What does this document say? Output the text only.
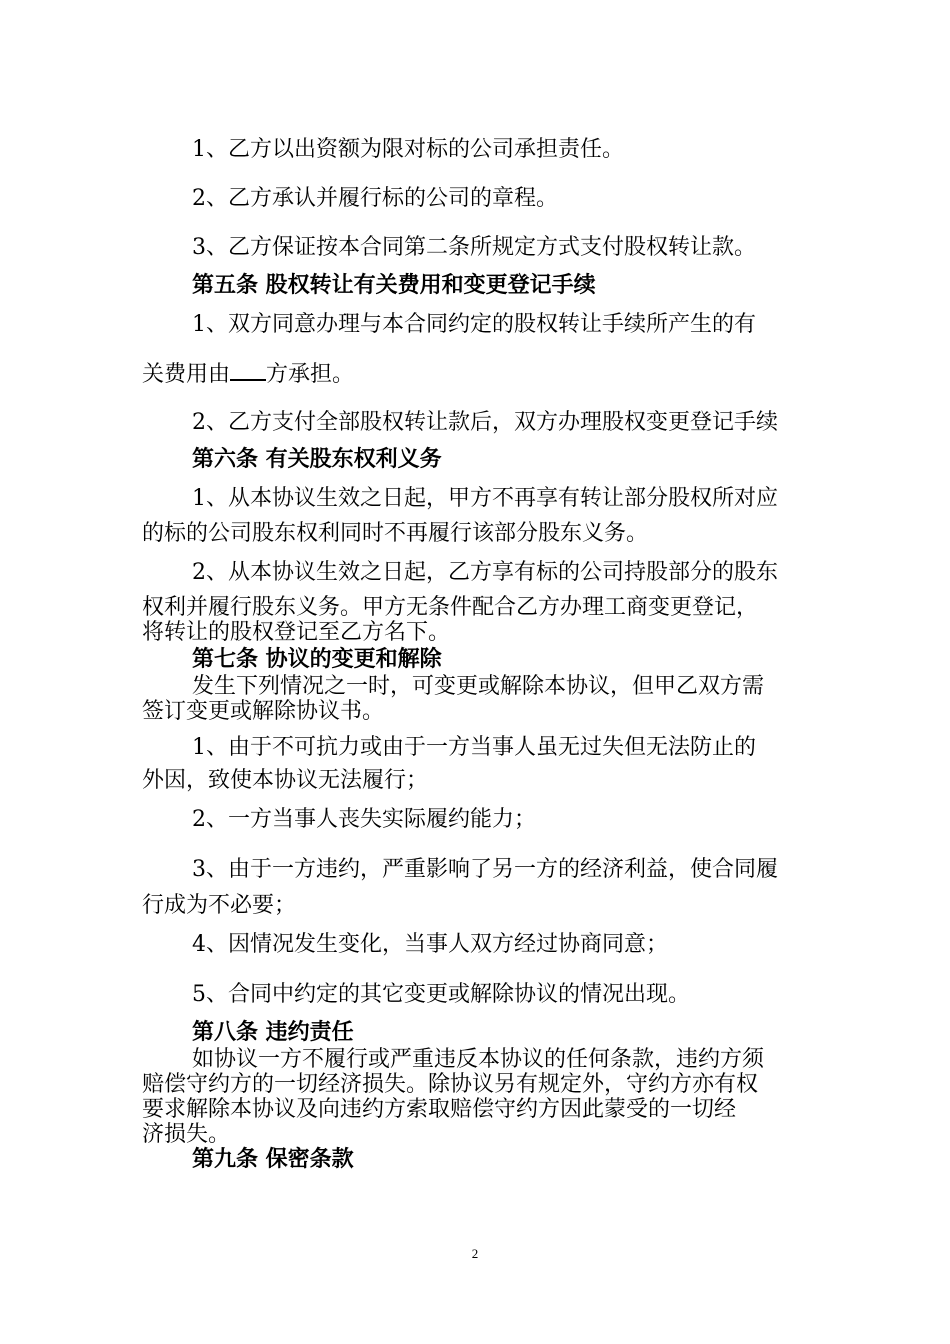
1、乙方以出资额为限对标的公司承担责任。

2、乙方承认并履行标的公司的章程。

3、乙方保证按本合同第二条所规定方式支付股权转让款。

第五条 股权转让有关费用和变更登记手续

1、双方同意办理与本合同约定的股权转让手续所产生的有

关费用由 方承担。

2、乙方支付全部股权转让款后，双方办理股权变更登记手续

第六条 有关股东权利义务

1、从本协议生效之日起，甲方不再享有转让部分股权所对应

的标的公司股东权利同时不再履行该部分股东义务。

2、从本协议生效之日起，乙方享有标的公司持股部分的股东

权利并履行股东义务。甲方无条件配合乙方办理工商变更登记，

将转让的股权登记至乙方名下。

第七条 协议的变更和解除

发生下列情况之一时，可变更或解除本协议，但甲乙双方需

签订变更或解除协议书。

1、由于不可抗力或由于一方当事人虽无过失但无法防止的

外因，致使本协议无法履行；

2、一方当事人丧失实际履约能力；

3、由于一方违约，严重影响了另一方的经济利益，使合同履

行成为不必要；

4、因情况发生变化，当事人双方经过协商同意；

5、合同中约定的其它变更或解除协议的情况出现。

第八条 违约责任

如协议一方不履行或严重违反本协议的任何条款，违约方须

赔偿守约方的一切经济损失。除协议另有规定外，守约方亦有权

要求解除本协议及向违约方索取赔偿守约方因此蒙受的一切经

济损失。

第九条 保密条款

2
